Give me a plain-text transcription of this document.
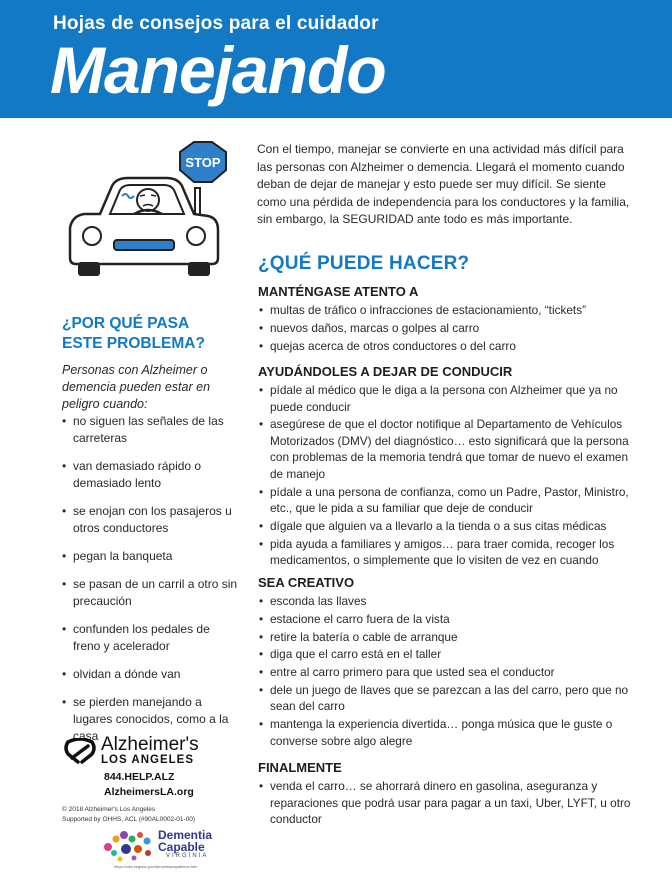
Hojas de consejos para el cuidador
Manejando
STOP
¿POR QUÉ PASA
ESTE PROBLEMA?
Personas con Alzheimer o demencia pueden estar en peligro cuando:
• no siguen las señales de las carreteras
• van demasiado rápido o demasiado lento
• se enojan con los pasajeros u otros conductores
• pegan la banqueta
• se pasan de un carril a otro sin precaución
• confunden los pedales de freno y acelerador
• olvidan a dónde van
• se pierden manejando a lugares conocidos, como a la casa Alzheimer's
LOS ANGELES
844.HELP.ALZ
AlzheimersLA.org
© 2018 Alzheimer's Los Angeles
Supported by OHHS, ACL (#90AL0002-01-00)
Dementia
Capable
VIRGINIA
https://vda.virginia.gov/dementiacapableva.htm
Con el tiempo, manejar se convierte en una actividad más difícil para las personas con Alzheimer o demencia. Llegará el momento cuando deban de dejar de manejar y esto puede ser muy difícil. Se siente como una pérdida de independencia para los conductores y la familia, sin embargo, la SEGURIDAD ante todo es más importante.
¿QUÉ PUEDE HACER?
MANTÉNGASE ATENTO A
• multas de tráfico o infracciones de estacionamiento, “tickets”
• nuevos daños, marcas o golpes al carro
• quejas acerca de otros conductores o del carro
AYUDÁNDOLES A DEJAR DE CONDUCIR
• pídale al médico que le diga a la persona con Alzheimer que ya no puede conducir
• asegúrese de que el doctor notifique al Departamento de Vehículos Motorizados (DMV) del diagnóstico… esto significará que la persona con problemas de la memoria tendrá que tomar de nuevo el examen de manejo
• pídale a una persona de confianza, como un Padre, Pastor, Ministro, etc., que le pida a su familiar que deje de conducir
• dígale que alguien va a llevarlo a la tienda o a sus citas médicas
• pida ayuda a familiares y amigos… para traer comida, recoger los medicamentos, o simplemente que lo visiten de vez en cuando
SEA CREATIVO
• esconda las llaves
• estacione el carro fuera de la vista
• retire la batería o cable de arranque
• diga que el carro está en el taller
• entre al carro primero para que usted sea el conductor
• dele un juego de llaves que se parezcan a las del carro, pero que no sean del carro
• mantenga la experiencia divertida… ponga música que le guste o converse sobre algo alegre
FINALMENTE
• venda el carro… se ahorrará dinero en gasolina, aseguranza y reparaciones que podrá usar para pagar a un taxi, Uber, LYFT, u otro conductor
